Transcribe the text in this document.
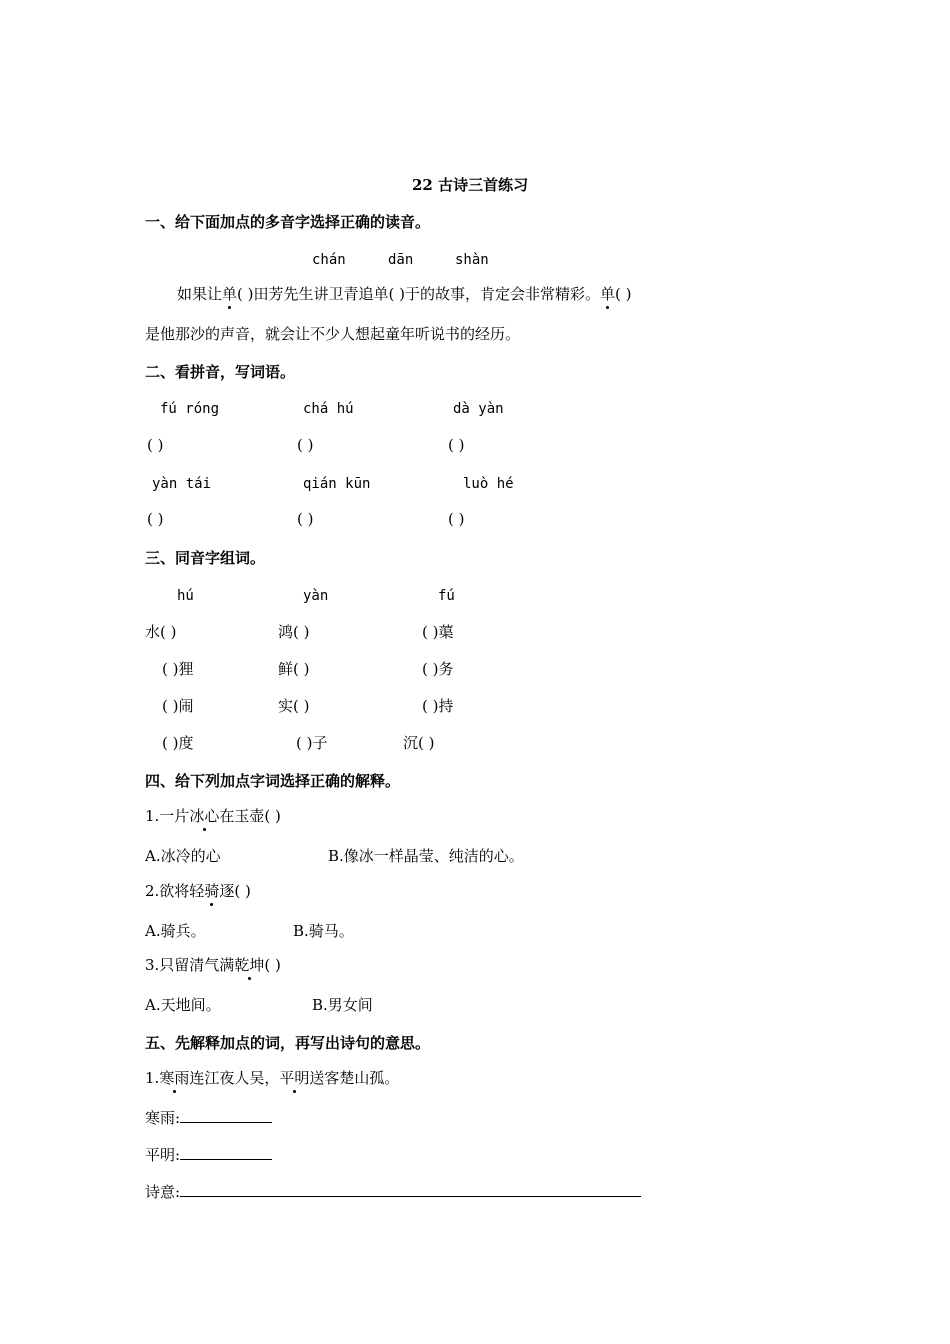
22 古诗三首练习
一、给下面加点的多音字选择正确的读音。
chán	dān	shàn
如果让单( )田芳先生讲卫青追单( )于的故事，肯定会非常精彩。单( )
是他那沙的声音，就会让不少人想起童年听说书的经历。
二、看拼音，写词语。
fú róng	chá hú	dà yàn
( )	( )	( )
yàn tái	qián kūn	luò hé
( )	( )	( )
三、同音字组词。
hú	yàn	fú
水( )	鸿( )	( )蕖
( )狸	鲜( )	( )务
( )闹	实( )	( )持
( )度	( )子	沉( )
四、给下列加点字词选择正确的解释。
1.一片冰心在玉壶( )
A.冰冷的心	B.像冰一样晶莹、纯洁的心。
2.欲将轻骑逐( )
A.骑兵。	B.骑马。
3.只留清气满乾坤( )
A.天地间。	B.男女间
五、先解释加点的词，再写出诗句的意思。
1.寒雨连江夜人吴，平明送客楚山孤。
寒雨:
平明:
诗意:
